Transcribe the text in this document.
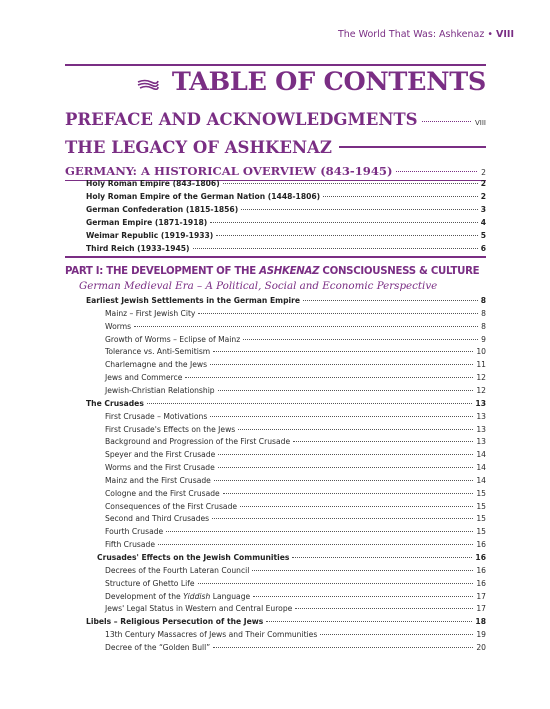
The World That Was: Ashkenaz • VIII
TABLE OF CONTENTS
PREFACE AND ACKNOWLEDGMENTS	VIII
THE LEGACY OF ASHKENAZ
GERMANY: A HISTORICAL OVERVIEW (843-1945)	2
Holy Roman Empire (843-1806)	2
Holy Roman Empire of the German Nation (1448-1806)	2
German Confederation (1815-1856)	3
German Empire (1871-1918)	4
Weimar Republic (1919-1933)	5
Third Reich (1933-1945)	6
PART I: THE DEVELOPMENT OF THE ASHKENAZ CONSCIOUSNESS & CULTURE
German Medieval Era – A Political, Social and Economic Perspective
Earliest Jewish Settlements in the German Empire	8
Mainz – First Jewish City	8
Worms	8
Growth of Worms – Eclipse of Mainz	9
Tolerance vs. Anti-Semitism	10
Charlemagne and the Jews	11
Jews and Commerce	12
Jewish-Christian Relationship	12
The Crusades	13
First Crusade – Motivations	13
First Crusade's Effects on the Jews	13
Background and Progression of the First Crusade	13
Speyer and the First Crusade	14
Worms and the First Crusade	14
Mainz and the First Crusade	14
Cologne and the First Crusade	15
Consequences of the First Crusade	15
Second and Third Crusades	15
Fourth Crusade	15
Fifth Crusade	16
Crusades' Effects on the Jewish Communities	16
Decrees of the Fourth Lateran Council	16
Structure of Ghetto Life	16
Development of the Yiddish Language	17
Jews' Legal Status in Western and Central Europe	17
Libels – Religious Persecution of the Jews	18
13th Century Massacres of Jews and Their Communities	19
Decree of the “Golden Bull”	20
